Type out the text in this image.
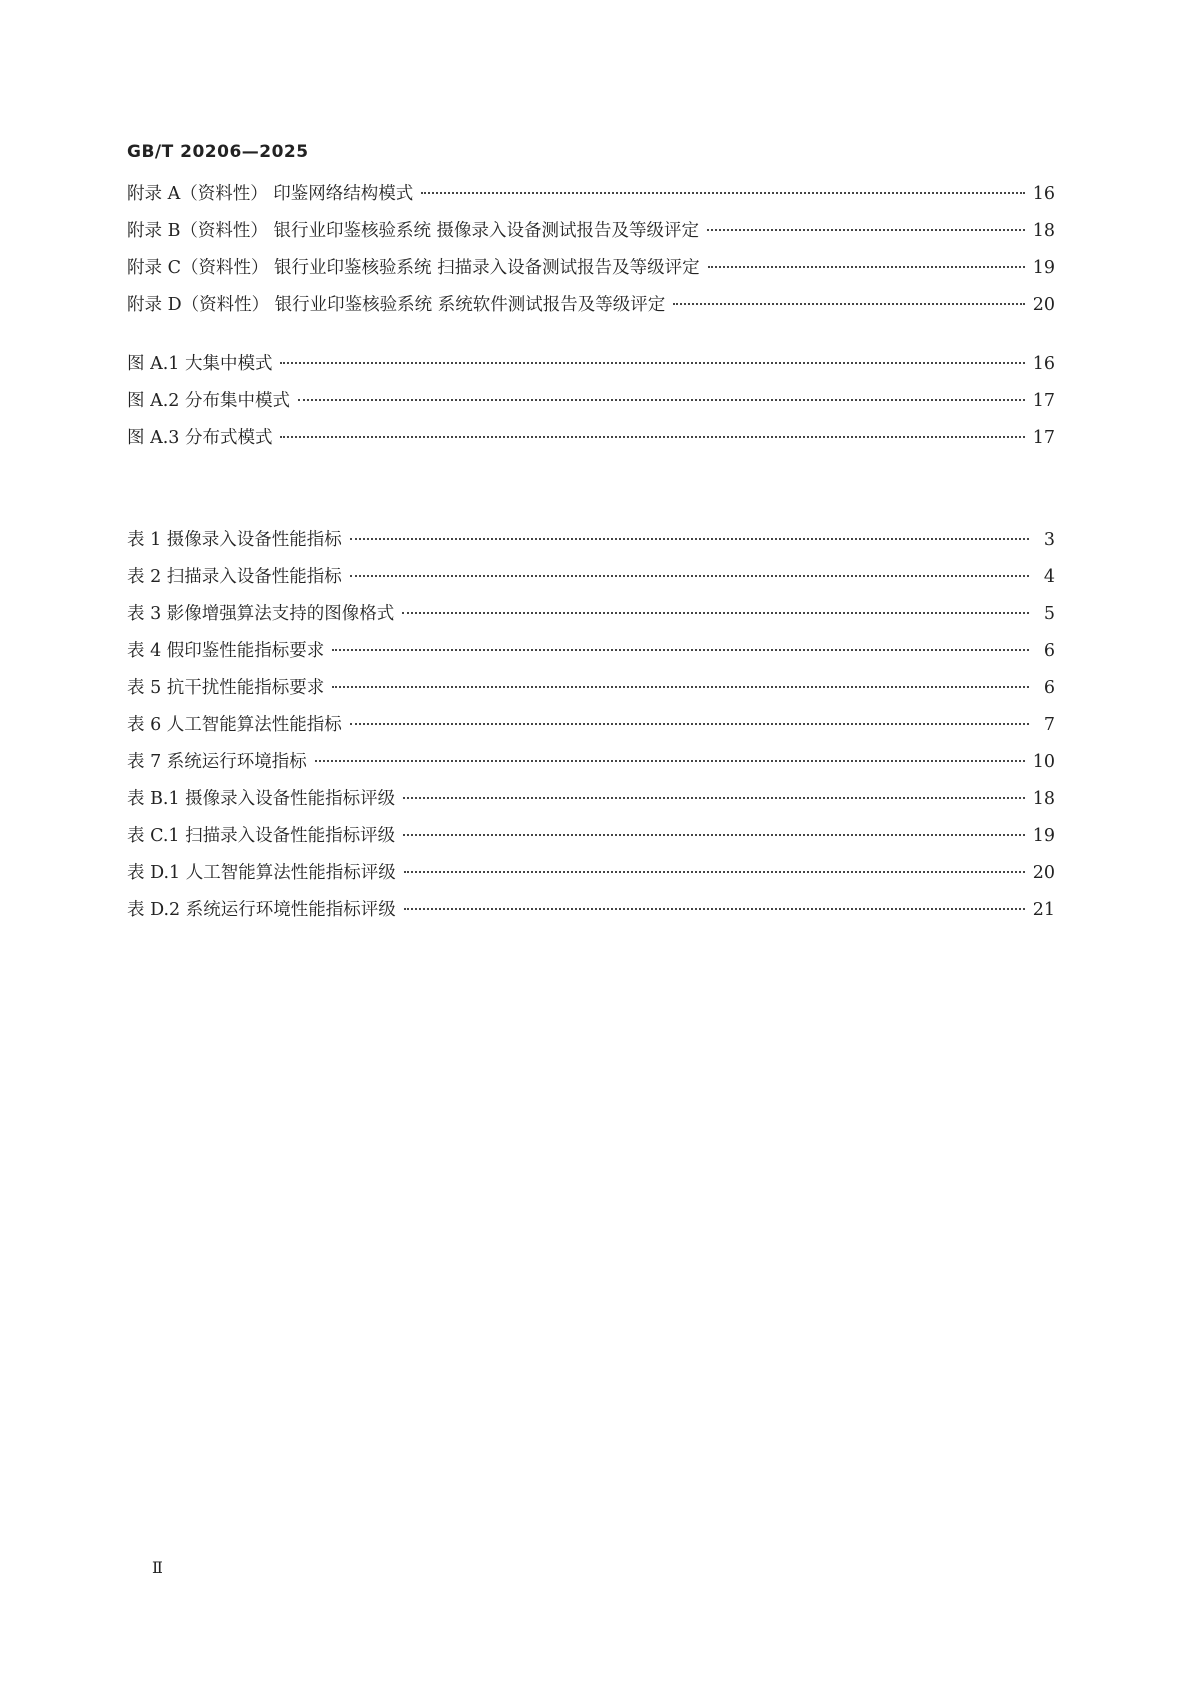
GB/T 20206—2025
附录 A（资料性） 印鉴网络结构模式	16
附录 B（资料性） 银行业印鉴核验系统 摄像录入设备测试报告及等级评定	18
附录 C（资料性） 银行业印鉴核验系统 扫描录入设备测试报告及等级评定	19
附录 D（资料性） 银行业印鉴核验系统 系统软件测试报告及等级评定	20
图 A.1 大集中模式	16
图 A.2 分布集中模式	17
图 A.3 分布式模式	17
表 1 摄像录入设备性能指标	3
表 2 扫描录入设备性能指标	4
表 3 影像增强算法支持的图像格式	5
表 4 假印鉴性能指标要求	6
表 5 抗干扰性能指标要求	6
表 6 人工智能算法性能指标	7
表 7 系统运行环境指标	10
表 B.1 摄像录入设备性能指标评级	18
表 C.1 扫描录入设备性能指标评级	19
表 D.1 人工智能算法性能指标评级	20
表 D.2 系统运行环境性能指标评级	21
Ⅱ
